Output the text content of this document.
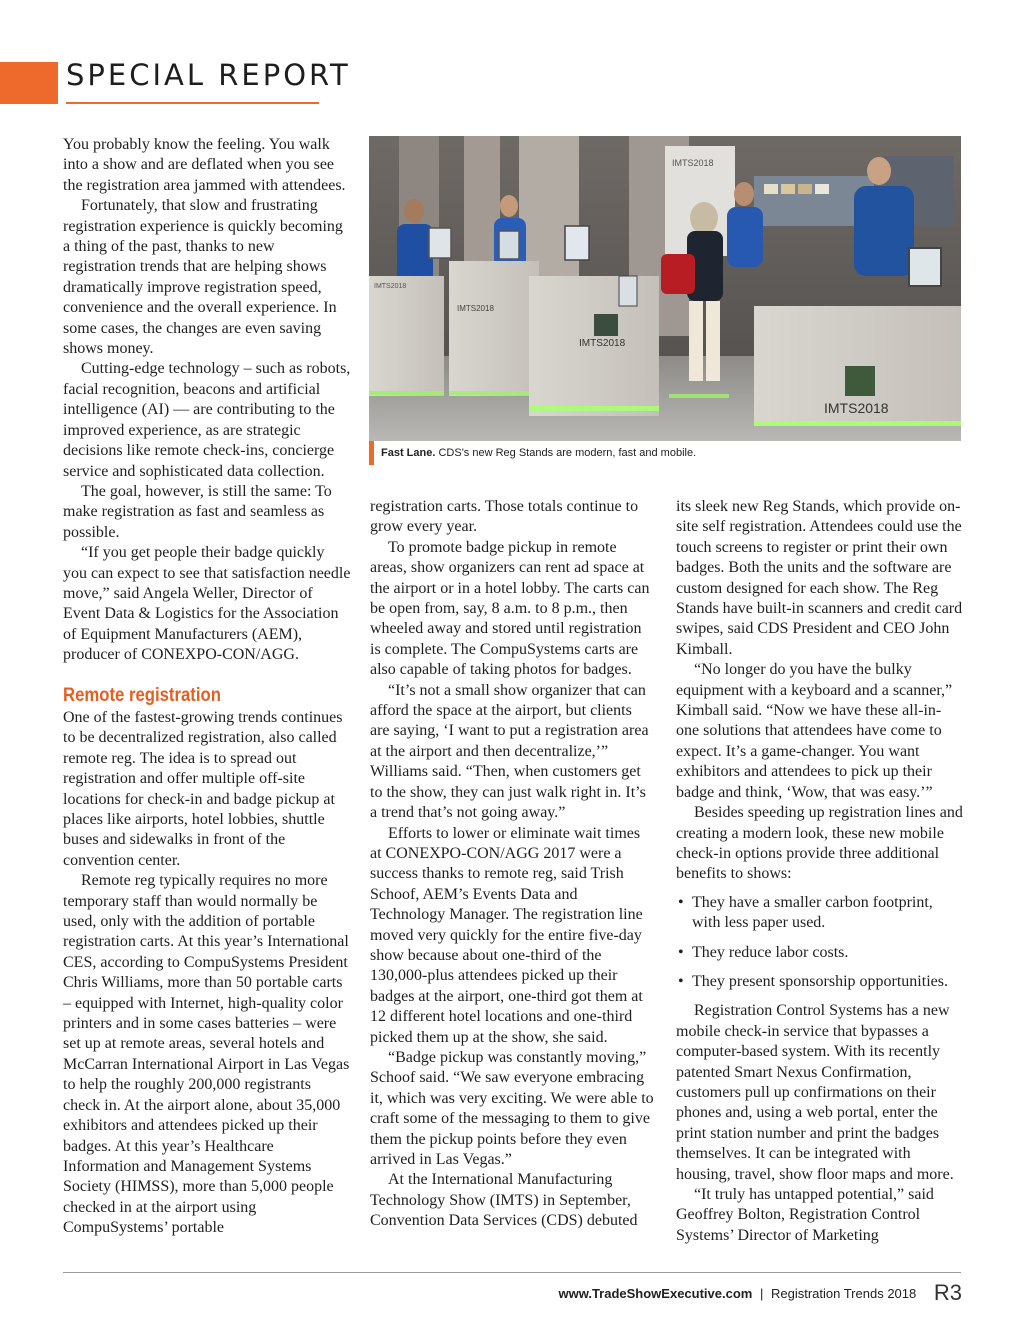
SPECIAL REPORT

You probably know the feeling. You walk into a show and are deflated when you see the registration area jammed with attendees.

Fortunately, that slow and frustrating registration experience is quickly becoming a thing of the past, thanks to new registration trends that are helping shows dramatically improve registration speed, convenience and the overall experience. In some cases, the changes are even saving shows money.

Cutting-edge technology – such as robots, facial recognition, beacons and artificial intelligence (AI) — are contributing to the improved experience, as are strategic decisions like remote check-ins, concierge service and sophisticated data collection.

The goal, however, is still the same: To make registration as fast and seamless as possible.

“If you get people their badge quickly you can expect to see that satisfaction needle move,” said Angela Weller, Director of Event Data & Logistics for the Association of Equipment Manufacturers (AEM), producer of CONEXPO-CON/AGG.

Remote registration

One of the fastest-growing trends continues to be decentralized registration, also called remote reg. The idea is to spread out registration and offer multiple off-site locations for check-in and badge pickup at places like airports, hotel lobbies, shuttle buses and sidewalks in front of the convention center.

Remote reg typically requires no more temporary staff than would normally be used, only with the addition of portable registration carts. At this year’s International CES, according to CompuSystems President Chris Williams, more than 50 portable carts – equipped with Internet, high-quality color printers and in some cases batteries – were set up at remote areas, several hotels and McCarran International Airport in Las Vegas to help the roughly 200,000 registrants check in. At the airport alone, about 35,000 exhibitors and attendees picked up their badges. At this year’s Healthcare Information and Management Systems Society (HIMSS), more than 5,000 people checked in at the airport using CompuSystems’ portable

IMTS2018
IMTS2018
IMTS2018
IMTS2018
IMTS2018
Fast Lane. CDS's new Reg Stands are modern, fast and mobile.

registration carts. Those totals continue to grow every year.

To promote badge pickup in remote areas, show organizers can rent ad space at the airport or in a hotel lobby. The carts can be open from, say, 8 a.m. to 8 p.m., then wheeled away and stored until registration is complete. The CompuSystems carts are also capable of taking photos for badges.

“It’s not a small show organizer that can afford the space at the airport, but clients are saying, ‘I want to put a registration area at the airport and then decentralize,’” Williams said. “Then, when customers get to the show, they can just walk right in. It’s a trend that’s not going away.”

Efforts to lower or eliminate wait times at CONEXPO-CON/AGG 2017 were a success thanks to remote reg, said Trish Schoof, AEM’s Events Data and Technology Manager. The registration line moved very quickly for the entire five-day show because about one-third of the 130,000-plus attendees picked up their badges at the airport, one-third got them at 12 different hotel locations and one-third picked them up at the show, she said.

“Badge pickup was constantly moving,” Schoof said. “We saw everyone embracing it, which was very exciting. We were able to craft some of the messaging to them to give them the pickup points before they even arrived in Las Vegas.”

At the International Manufacturing Technology Show (IMTS) in September, Convention Data Services (CDS) debuted

its sleek new Reg Stands, which provide on-site self registration. Attendees could use the touch screens to register or print their own badges. Both the units and the software are custom designed for each show. The Reg Stands have built-in scanners and credit card swipes, said CDS President and CEO John Kimball.

“No longer do you have the bulky equipment with a keyboard and a scanner,” Kimball said. “Now we have these all-in-one solutions that attendees have come to expect. It’s a game-changer. You want exhibitors and attendees to pick up their badge and think, ‘Wow, that was easy.’”

Besides speeding up registration lines and creating a modern look, these new mobile check-in options provide three additional benefits to shows:

• They have a smaller carbon footprint, with less paper used.
• They reduce labor costs.
• They present sponsorship opportunities.

Registration Control Systems has a new mobile check-in service that bypasses a computer-based system. With its recently patented Smart Nexus Confirmation, customers pull up confirmations on their phones and, using a web portal, enter the print station number and print the badges themselves. It can be integrated with housing, travel, show floor maps and more.

“It truly has untapped potential,” said Geoffrey Bolton, Registration Control Systems’ Director of Marketing

www.TradeShowExecutive.com | Registration Trends 2018 R3
